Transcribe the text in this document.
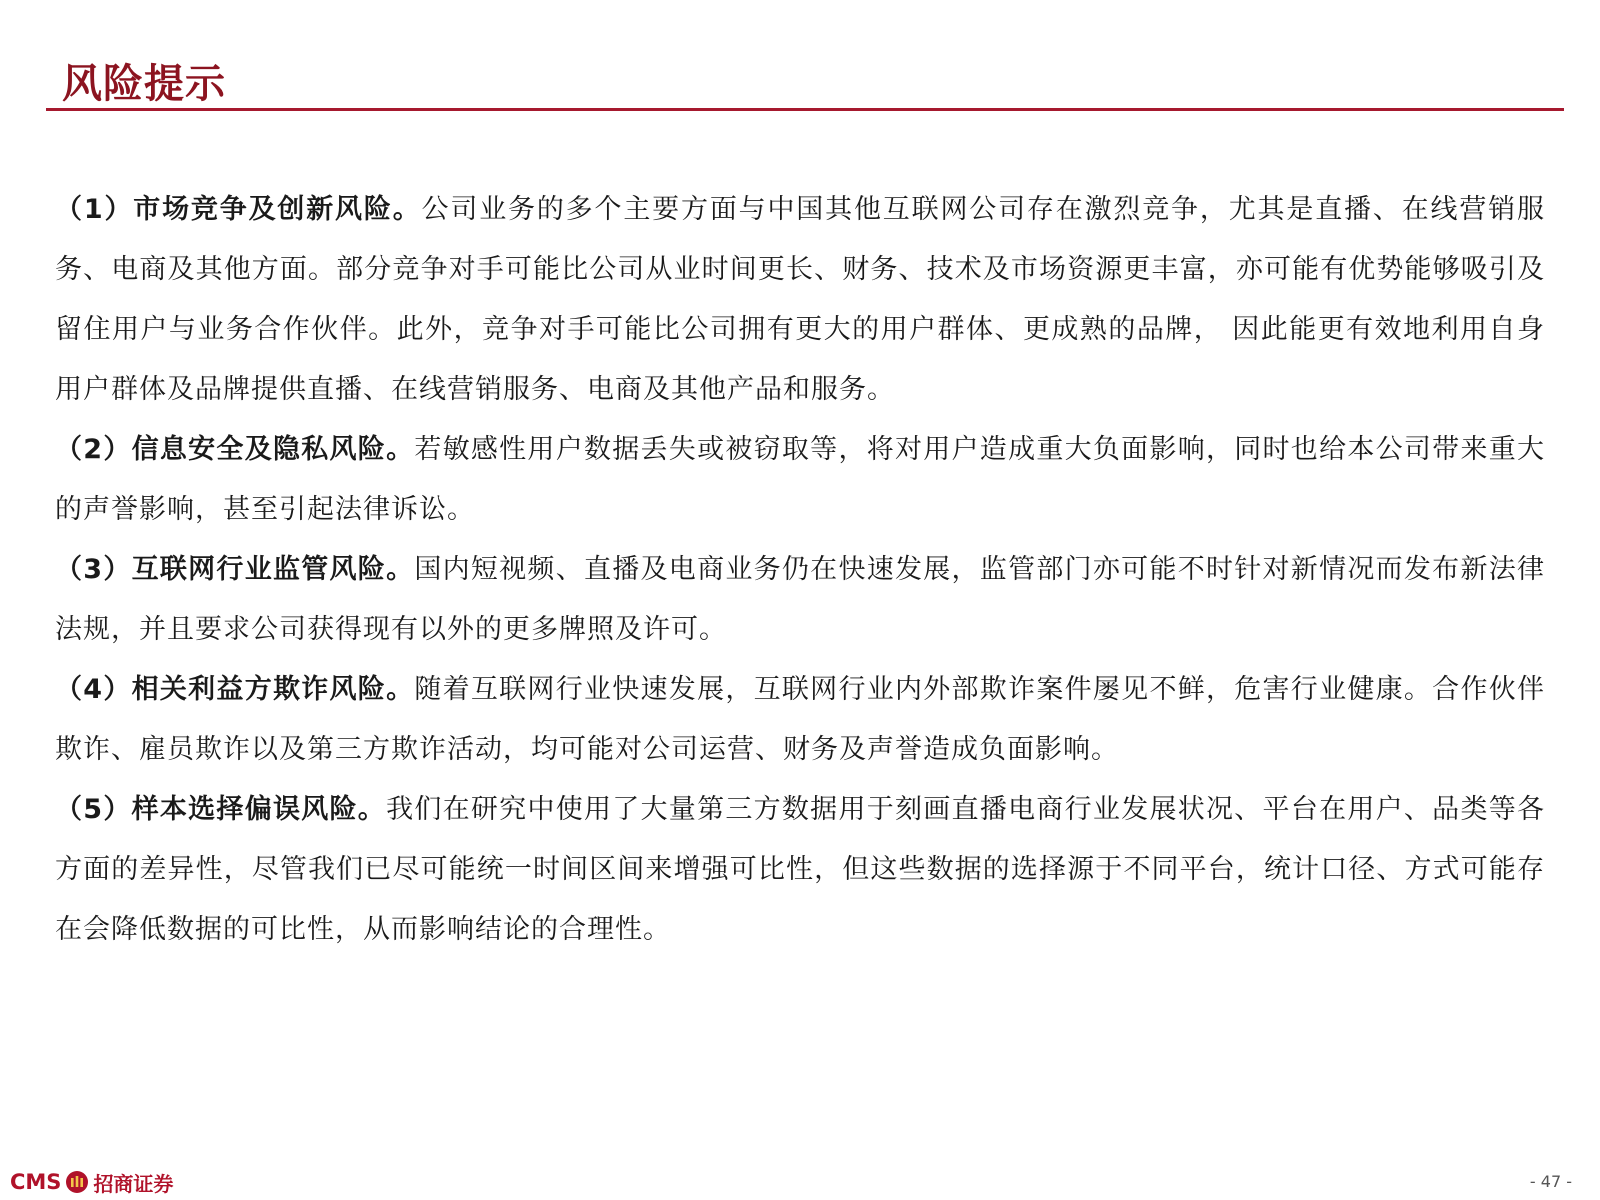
风险提示

（1）市场竞争及创新风险。公司业务的多个主要方面与中国其他互联网公司存在激烈竞争，尤其是直播、在线营销服务、电商及其他方面。部分竞争对手可能比公司从业时间更长、财务、技术及市场资源更丰富，亦可能有优势能够吸引及留住用户与业务合作伙伴。此外，竞争对手可能比公司拥有更大的用户群体、更成熟的品牌， 因此能更有效地利用自身用户群体及品牌提供直播、在线营销服务、电商及其他产品和服务。

（2）信息安全及隐私风险。若敏感性用户数据丢失或被窃取等，将对用户造成重大负面影响，同时也给本公司带来重大的声誉影响，甚至引起法律诉讼。

（3）互联网行业监管风险。国内短视频、直播及电商业务仍在快速发展，监管部门亦可能不时针对新情况而发布新法律法规，并且要求公司获得现有以外的更多牌照及许可。

（4）相关利益方欺诈风险。随着互联网行业快速发展，互联网行业内外部欺诈案件屡见不鲜，危害行业健康。合作伙伴欺诈、雇员欺诈以及第三方欺诈活动，均可能对公司运营、财务及声誉造成负面影响。

（5）样本选择偏误风险。我们在研究中使用了大量第三方数据用于刻画直播电商行业发展状况、平台在用户、品类等各方面的差异性，尽管我们已尽可能统一时间区间来增强可比性，但这些数据的选择源于不同平台，统计口径、方式可能存在会降低数据的可比性，从而影响结论的合理性。

CMS 招商证券	- 47 -
